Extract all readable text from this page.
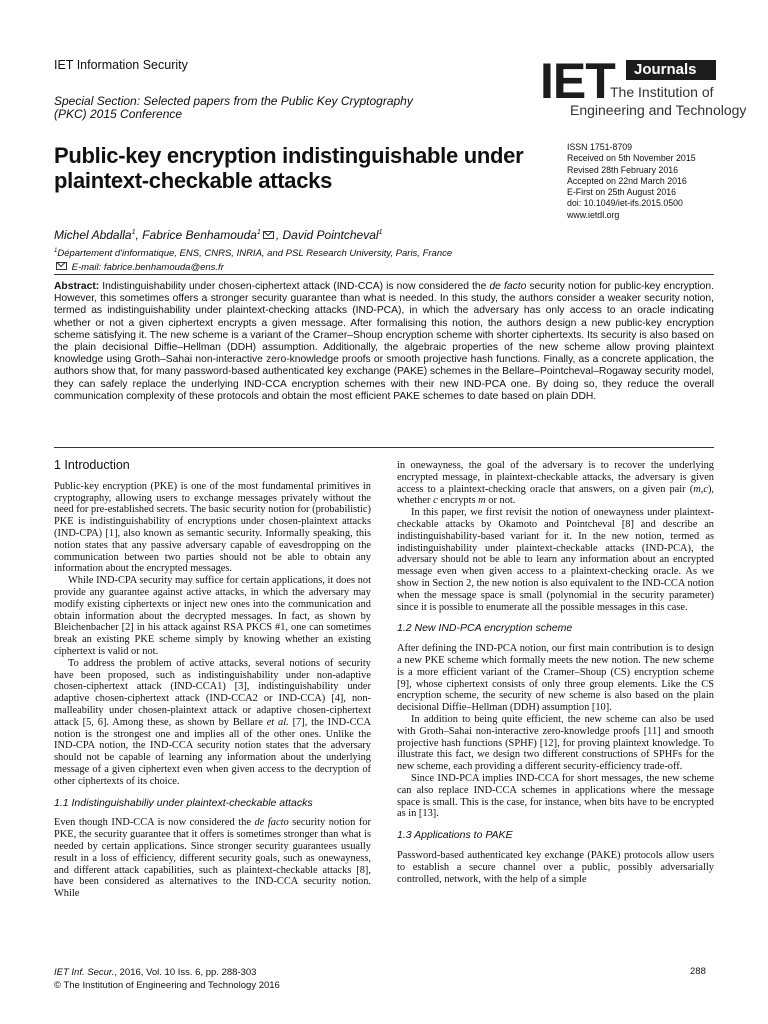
IET Information Security
Special Section: Selected papers from the Public Key Cryptography
(PKC) 2015 Conference
IET	Journals
The Institution of
Engineering and Technology
Public-key encryption indistinguishable under plaintext-checkable attacks
ISSN 1751-8709
Received on 5th November 2015
Revised 28th February 2016
Accepted on 22nd March 2016
E-First on 25th August 2016
doi: 10.1049/iet-ifs.2015.0500
www.ietdl.org
Michel Abdalla$^1$, Fabrice Benhamouda$^1$ , David Pointcheval$^1$
$^1$Département d'informatique, ENS, CNRS, INRIA, and PSL Research University, Paris, France
E-mail: fabrice.benhamouda@ens.fr
Abstract: Indistinguishability under chosen-ciphertext attack (IND-CCA) is now considered the de facto security notion for public-key encryption. However, this sometimes offers a stronger security guarantee than what is needed. In this study, the authors consider a weaker security notion, termed as indistinguishability under plaintext-checking attacks (IND-PCA), in which the adversary has only access to an oracle indicating whether or not a given ciphertext encrypts a given message. After formalising this notion, the authors design a new public-key encryption scheme satisfying it. The new scheme is a variant of the Cramer–Shoup encryption scheme with shorter ciphertexts. Its security is also based on the plain decisional Diffie–Hellman (DDH) assumption. Additionally, the algebraic properties of the new scheme allow proving plaintext knowledge using Groth–Sahai non-interactive zero-knowledge proofs or smooth projective hash functions. Finally, as a concrete application, the authors show that, for many password-based authenticated key exchange (PAKE) schemes in the Bellare–Pointcheval–Rogaway security model, they can safely replace the underlying IND-CCA encryption schemes with their new IND-PCA one. By doing so, they reduce the overall communication complexity of these protocols and obtain the most efficient PAKE schemes to date based on plain DDH.
1 Introduction

Public-key encryption (PKE) is one of the most fundamental primitives in cryptography, allowing users to exchange messages privately without the need for pre-established secrets. The basic security notion for (probabilistic) PKE is indistinguishability of encryptions under chosen-plaintext attacks (IND-CPA) [1], also known as semantic security. Informally speaking, this notion states that any passive adversary capable of eavesdropping on the communication between two parties should not be able to obtain any information about the encrypted messages.

While IND-CPA security may suffice for certain applications, it does not provide any guarantee against active attacks, in which the adversary may modify existing ciphertexts or inject new ones into the communication and obtain information about the decrypted messages. In fact, as shown by Bleichenbacher [2] in his attack against RSA PKCS #1, one can sometimes break an existing PKE scheme simply by knowing whether an existing ciphertext is valid or not.

To address the problem of active attacks, several notions of security have been proposed, such as indistinguishability under non-adaptive chosen-ciphertext attack (IND-CCA1) [3], indistinguishability under adaptive chosen-ciphertext attack (IND-CCA2 or IND-CCA) [4], non-malleability under chosen-plaintext attack or adaptive chosen-ciphertext attack [5, 6]. Among these, as shown by Bellare et al. [7], the IND-CCA notion is the strongest one and implies all of the other ones. Unlike the IND-CPA notion, the IND-CCA security notion states that the adversary should not be capable of learning any information about the underlying message of a given ciphertext even when given access to the decryption of other ciphertexts of its choice.

1.1 Indistinguishabiliy under plaintext-checkable attacks

Even though IND-CCA is now considered the de facto security notion for PKE, the security guarantee that it offers is sometimes stronger than what is needed by certain applications. Since stronger security guarantees usually result in a loss of efficiency, different security goals, such as onewayness, and different attack capabilities, such as plaintext-checkable attacks [8], have been considered as alternatives to the IND-CCA security notion. While

in onewayness, the goal of the adversary is to recover the underlying encrypted message, in plaintext-checkable attacks, the adversary is given access to a plaintext-checking oracle that answers, on a given pair (m,c), whether c encrypts m or not.

In this paper, we first revisit the notion of onewayness under plaintext-checkable attacks by Okamoto and Pointcheval [8] and describe an indistinguishability-based variant for it. In the new notion, termed as indistinguishability under plaintext-checkable attacks (IND-PCA), the adversary should not be able to learn any information about an encrypted message even when given access to a plaintext-checking oracle. As we show in Section 2, the new notion is also equivalent to the IND-CCA notion when the message space is small (polynomial in the security parameter) since it is possible to enumerate all the possible messages in this case.

1.2 New IND-PCA encryption scheme

After defining the IND-PCA notion, our first main contribution is to design a new PKE scheme which formally meets the new notion. The new scheme is a more efficient variant of the Cramer–Shoup (CS) encryption scheme [9], whose ciphertext consists of only three group elements. Like the CS encryption scheme, the security of new scheme is also based on the plain decisional Diffie–Hellman (DDH) assumption [10].

In addition to being quite efficient, the new scheme can also be used with Groth–Sahai non-interactive zero-knowledge proofs [11] and smooth projective hash functions (SPHF) [12], for proving plaintext knowledge. To illustrate this fact, we design two different constructions of SPHFs for the new scheme, each providing a different security-efficiency trade-off.

Since IND-PCA implies IND-CCA for short messages, the new scheme can also replace IND-CCA schemes in applications where the message space is small. This is the case, for instance, when bits have to be encrypted as in [13].

1.3 Applications to PAKE

Password-based authenticated key exchange (PAKE) protocols allow users to establish a secure channel over a public, possibly adversarially controlled, network, with the help of a simple

IET Inf. Secur., 2016, Vol. 10 Iss. 6, pp. 288-303
© The Institution of Engineering and Technology 2016
288
